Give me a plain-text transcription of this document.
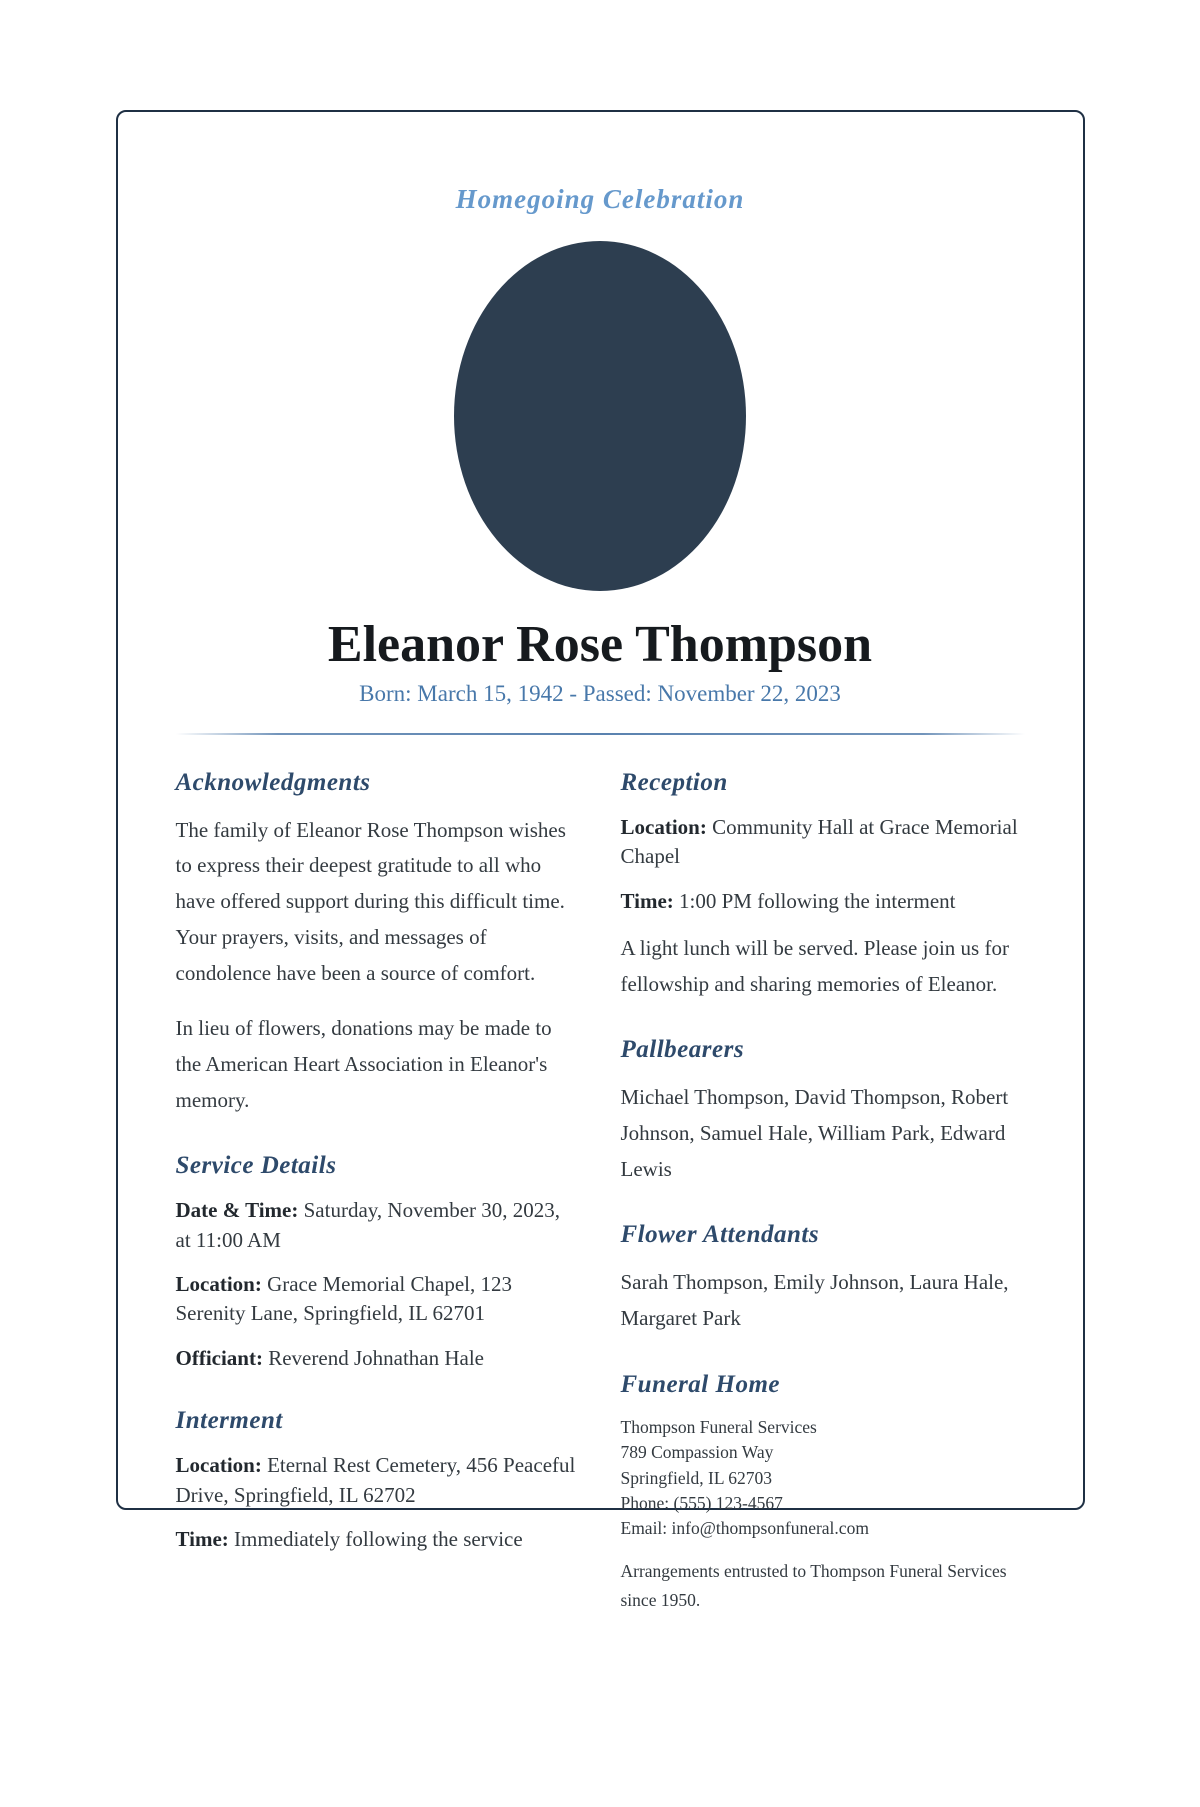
Homegoing Celebration
Eleanor Rose Thompson
Born: March 15, 1942 - Passed: November 22, 2023
Acknowledgments

The family of Eleanor Rose Thompson wishes to express their deepest gratitude to all who have offered support during this difficult time. Your prayers, visits, and messages of condolence have been a source of comfort.

In lieu of flowers, donations may be made to the American Heart Association in Eleanor's memory.

Service Details

Date & Time: Saturday, November 30, 2023, at 11:00 AM

Location: Grace Memorial Chapel, 123 Serenity Lane, Springfield, IL 62701

Officiant: Reverend Johnathan Hale

Interment

Location: Eternal Rest Cemetery, 456 Peaceful Drive, Springfield, IL 62702

Time: Immediately following the service

Reception

Location: Community Hall at Grace Memorial Chapel

Time: 1:00 PM following the interment

A light lunch will be served. Please join us for fellowship and sharing memories of Eleanor.

Pallbearers

Michael Thompson, David Thompson, Robert Johnson, Samuel Hale, William Park, Edward Lewis

Flower Attendants

Sarah Thompson, Emily Johnson, Laura Hale, Margaret Park

Funeral Home
Thompson Funeral Services
789 Compassion Way
Springfield, IL 62703
Phone: (555) 123-4567
Email: info@thompsonfuneral.com

Arrangements entrusted to Thompson Funeral Services since 1950.
